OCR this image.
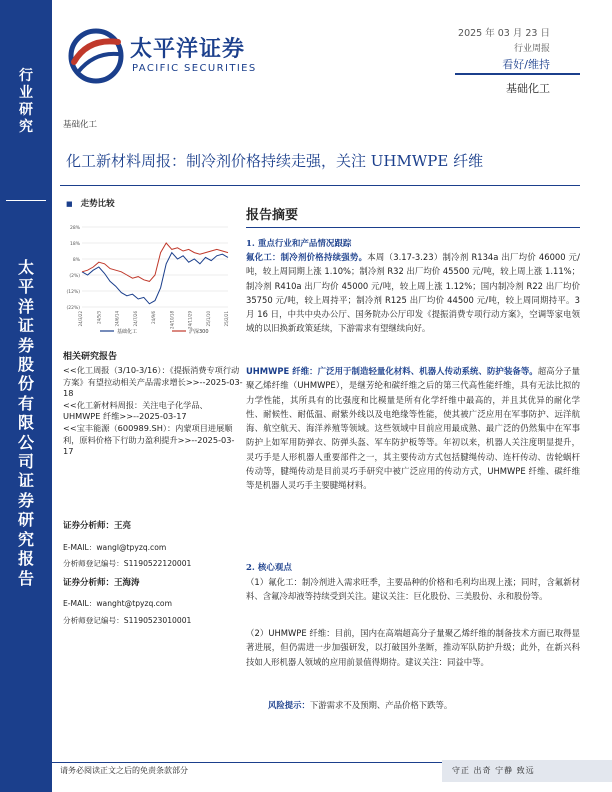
行
业
研
究
太
平
洋
证
券
股
份
有
限
公
司
证
券
研
究
报
告
太平洋证券
PACIFIC SECURITIES
2025 年 03 月 23 日
行业周报
看好/维持
基础化工
基础化工
化工新材料周报：制冷剂价格持续走强，关注 UHMWPE 纤维
■ 走势比较
28%
18%
8%
(2%)
(12%)
(22%)
24/3/22	24/5/3	24/6/14	24/7/26	24/9/6	24/10/18	24/11/29	25/1/10	25/2/21
基础化工	沪深300
相关研究报告
<<化工周报（3/10-3/16）：《提振消费专项行动方案》有望拉动相关产品需求增长>>--2025-03-18
<<化工新材料周报：关注电子化学品、UHMWPE 纤维>>--2025-03-17
<<宝丰能源（600989.SH）：内蒙项目进展顺利，原料价格下行助力盈利提升>>--2025-03-17
证券分析师：王亮
E-MAIL：wangl@tpyzq.com
分析师登记编号：S1190522120001
证券分析师：王海涛
E-MAIL：wanght@tpyzq.com
分析师登记编号：S1190523010001
报告摘要
1. 重点行业和产品情况跟踪
氟化工：制冷剂价格持续强势。本周（3.17-3.23）制冷剂 R134a 出厂均价 46000 元/吨，较上周同期上涨 1.10%；制冷剂 R32 出厂均价 45500 元/吨，较上周上涨 1.11%；制冷剂 R410a 出厂均价 45000 元/吨，较上周上涨 1.12%；国内制冷剂 R22 出厂均价 35750 元/吨，较上周持平；制冷剂 R125 出厂均价 44500 元/吨，较上周同期持平。3 月 16 日，中共中央办公厅、国务院办公厅印发《提振消费专项行动方案》，空调等家电领域的以旧换新政策延续，下游需求有望继续向好。
UHMWPE 纤维：广泛用于制造轻量化材料、机器人传动系统、防护装备等。超高分子量聚乙烯纤维（UHMWPE），是继芳纶和碳纤维之后的第三代高性能纤维，具有无法比拟的力学性能，其所具有的比强度和比模量是所有化学纤维中最高的，并且其优异的耐化学性、耐候性、耐低温、耐紫外线以及电绝缘等性能，使其被广泛应用在军事防护、远洋航海、航空航天、海洋养殖等领域。这些领域中目前应用最成熟、最广泛的仍然集中在军事防护上如军用防弹衣、防弹头盔、军车防护板等等。年初以来，机器人关注度明显提升，灵巧手是人形机器人重要部件之一，其主要传动方式包括腱绳传动、连杆传动、齿轮蜗杆传动等，腱绳传动是目前灵巧手研究中被广泛应用的传动方式，UHMWPE 纤维、碳纤维等是机器人灵巧手主要腱绳材料。
2. 核心观点
（1）氟化工：制冷剂进入需求旺季，主要品种的价格和毛利均出现上涨；同时，含氟新材料、含氟冷却液等持续受到关注。建议关注：巨化股份、三美股份、永和股份等。
（2）UHMWPE 纤维：目前，国内在高端超高分子量聚乙烯纤维的制备技术方面已取得显著进展，但仍需进一步加强研发，以打破国外垄断，推动军队防护升级；此外，在新兴科技如人形机器人领域的应用前景值得期待。建议关注：同益中等。
风险提示：下游需求不及预期、产品价格下跌等。
请务必阅读正文之后的免责条款部分	守正 出奇 宁静 致远
